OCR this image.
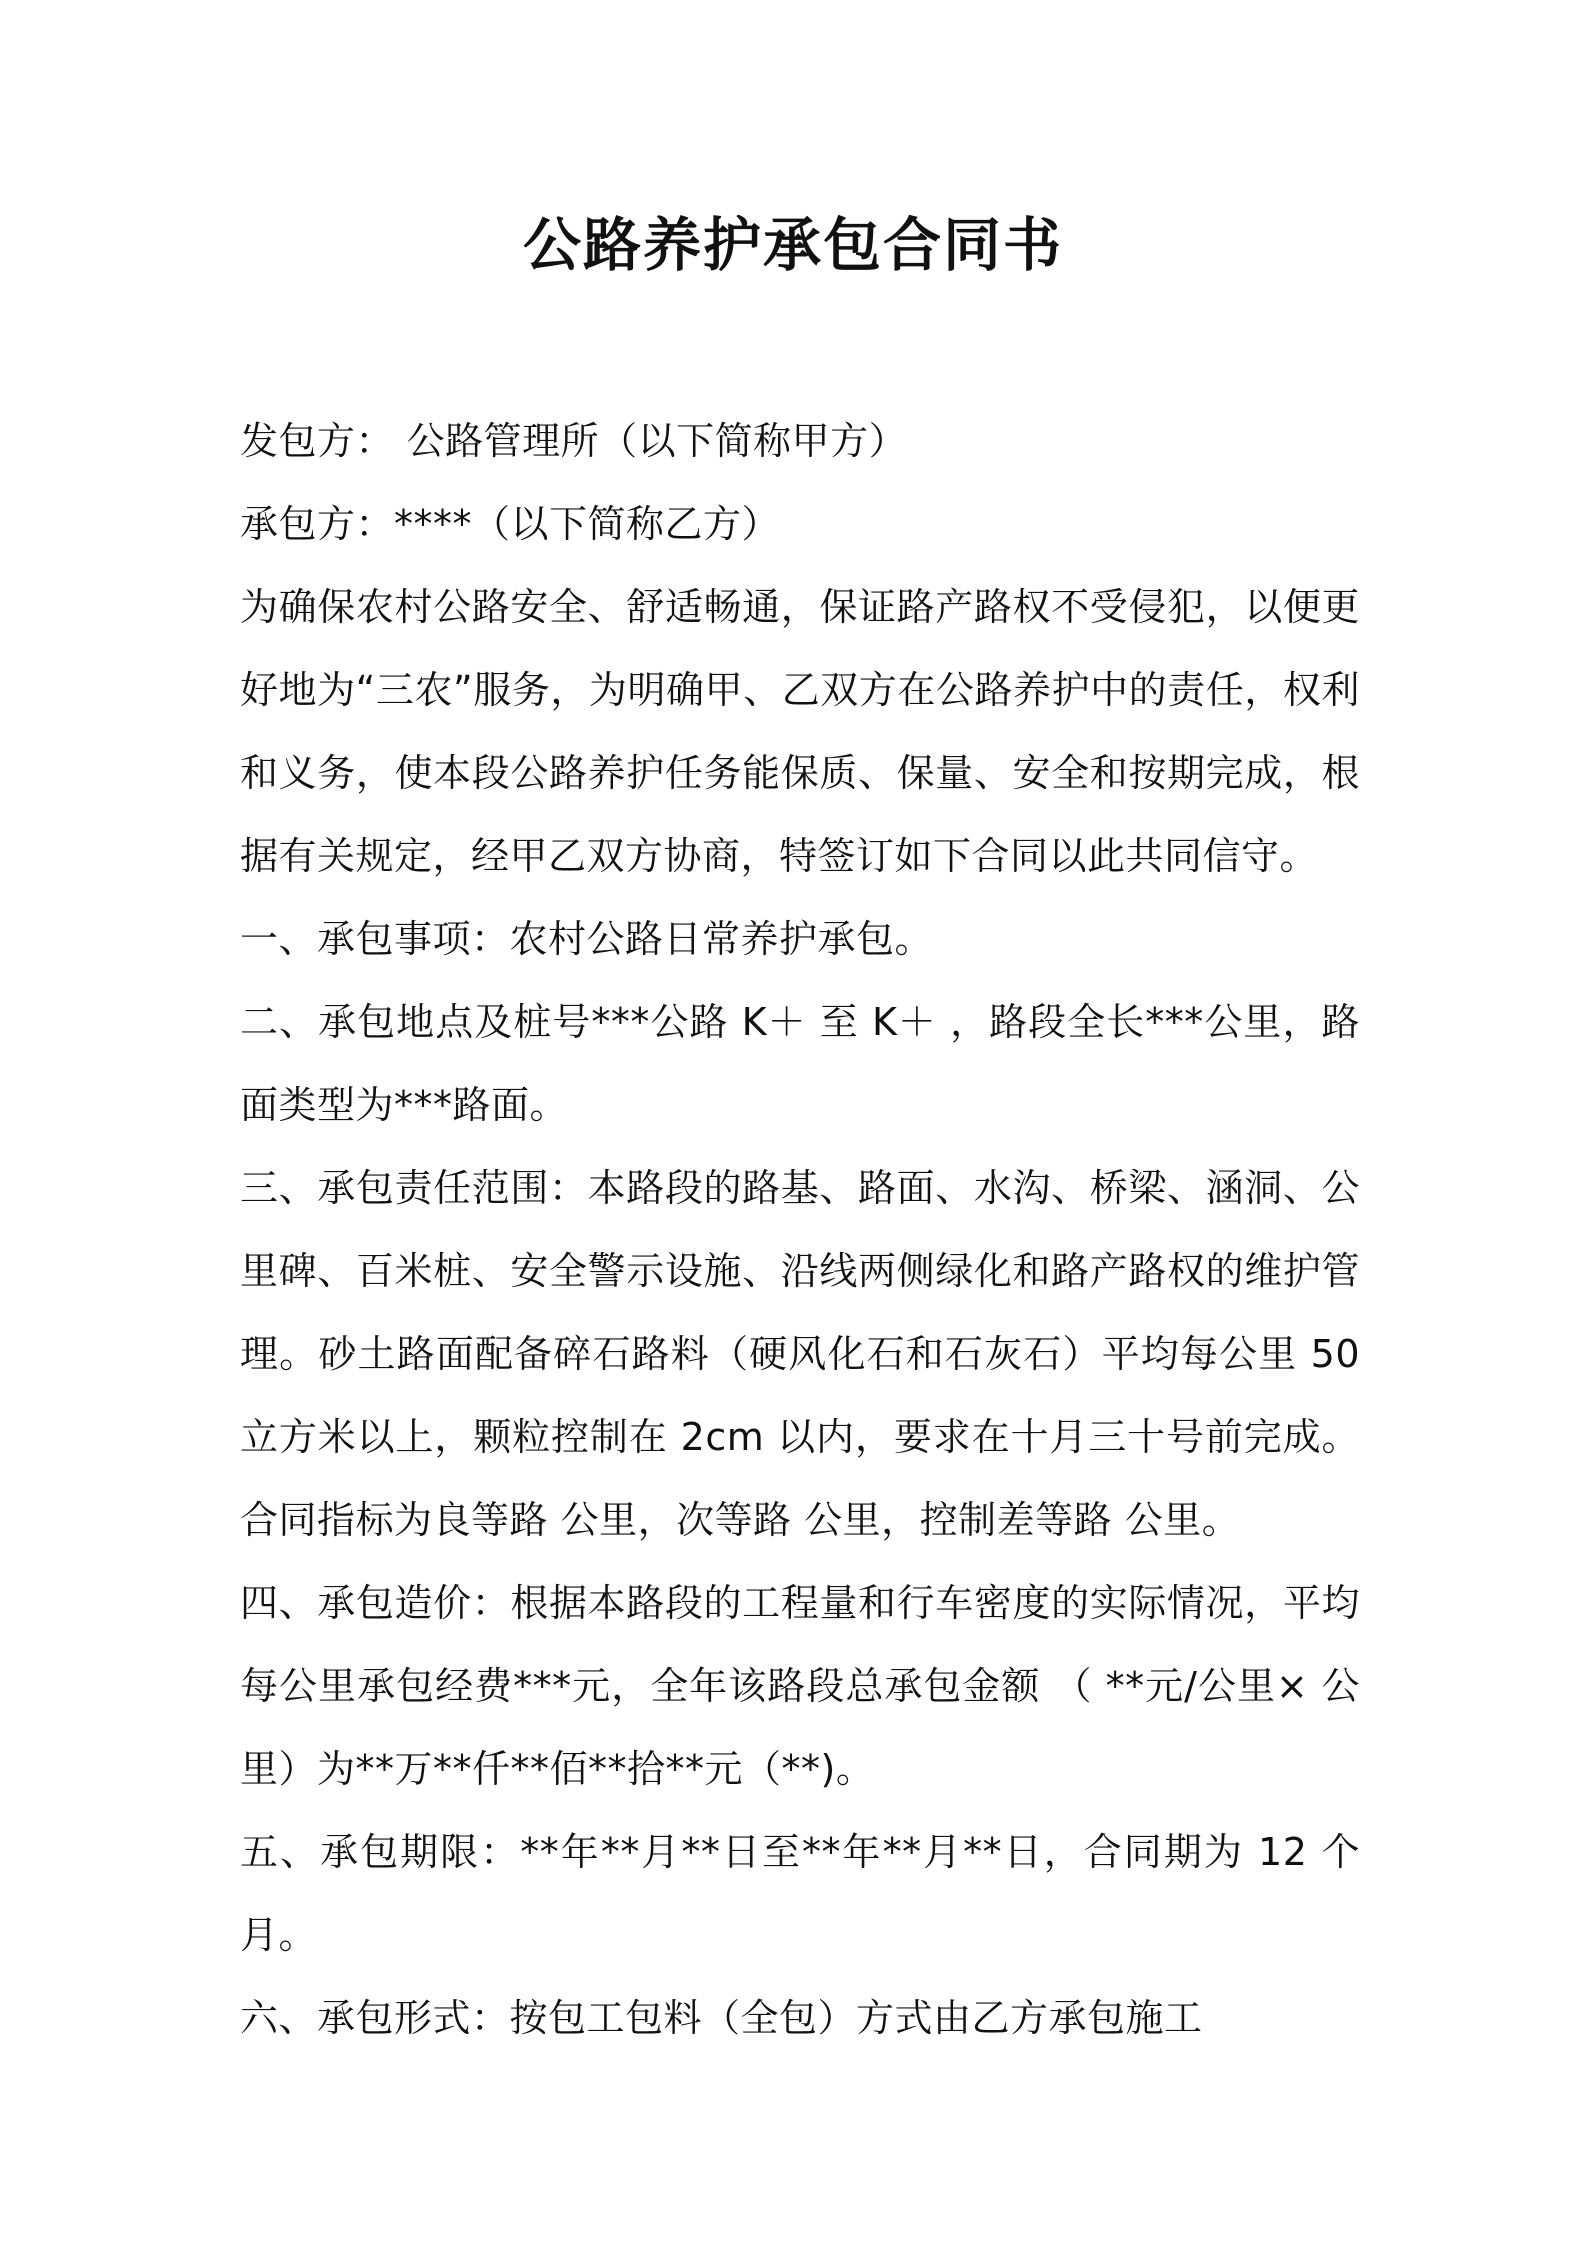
公路养护承包合同书

发包方： 公路管理所（以下简称甲方）

承包方：****（以下简称乙方）

为确保农村公路安全、舒适畅通，保证路产路权不受侵犯，以便更好地为“三农”服务，为明确甲、乙双方在公路养护中的责任，权利和义务，使本段公路养护任务能保质、保量、安全和按期完成，根据有关规定，经甲乙双方协商，特签订如下合同以此共同信守。

一、承包事项：农村公路日常养护承包。

二、承包地点及桩号***公路 K＋ 至 K＋ ，路段全长***公里，路面类型为***路面。

三、承包责任范围：本路段的路基、路面、水沟、桥梁、涵洞、公里碑、百米桩、安全警示设施、沿线两侧绿化和路产路权的维护管理。砂土路面配备碎石路料（硬风化石和石灰石）平均每公里 50 立方米以上，颗粒控制在 2cm 以内，要求在十月三十号前完成。合同指标为良等路 公里，次等路 公里，控制差等路 公里。

四、承包造价：根据本路段的工程量和行车密度的实际情况，平均每公里承包经费***元，全年该路段总承包金额 （ **元/公里× 公里）为**万**仟**佰**拾**元（**)。

五、承包期限：**年**月**日至**年**月**日，合同期为 12 个月。

六、承包形式：按包工包料（全包）方式由乙方承包施工
